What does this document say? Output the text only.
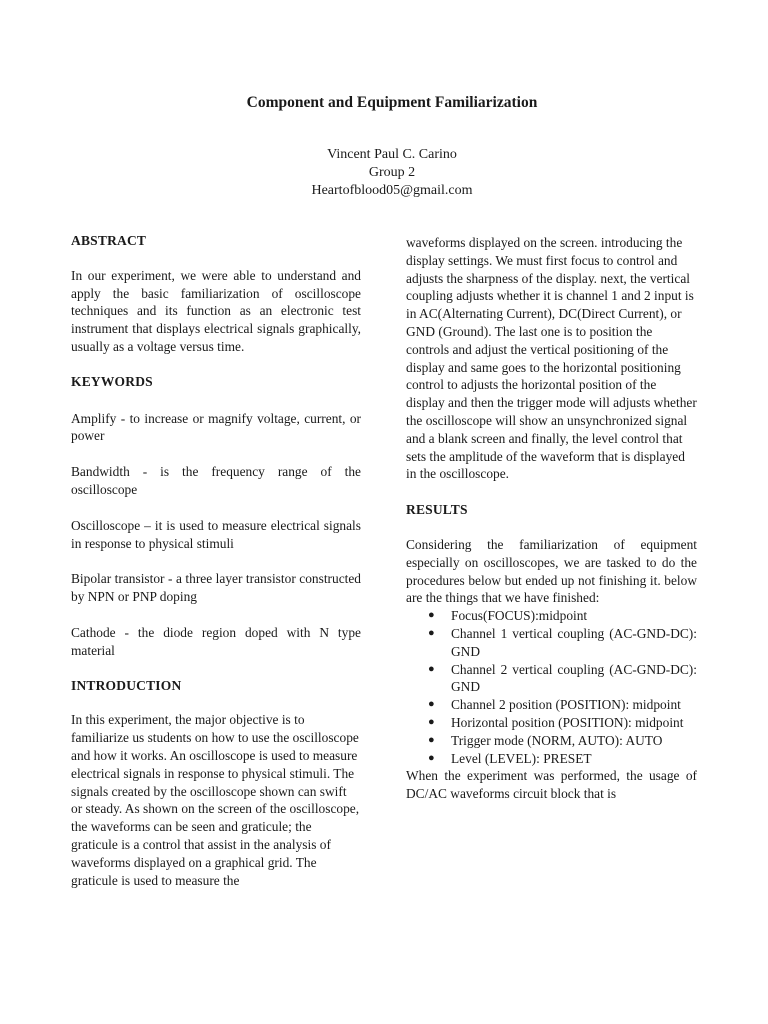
Component and Equipment Familiarization
Vincent Paul C. Carino
Group 2
Heartofblood05@gmail.com
ABSTRACT

In our experiment, we were able to understand and apply the basic familiarization of oscilloscope techniques and its function as an electronic test instrument that displays electrical signals graphically, usually as a voltage versus time.

KEYWORDS

Amplify - to increase or magnify voltage, current, or power

Bandwidth - is the frequency range of the oscilloscope

Oscilloscope – it is used to measure electrical signals in response to physical stimuli

Bipolar transistor - a three layer transistor constructed by NPN or PNP doping

Cathode - the diode region doped with N type material

INTRODUCTION

In this experiment, the major objective is to familiarize us students on how to use the oscilloscope and how it works. An oscilloscope is used to measure electrical signals in response to physical stimuli. The signals created by the oscilloscope shown can swift or steady. As shown on the screen of the oscilloscope, the waveforms can be seen and graticule; the graticule is a control that assist in the analysis of waveforms displayed on a graphical grid. The graticule is used to measure the

waveforms displayed on the screen. introducing the display settings. We must first focus to control and adjusts the sharpness of the display. next, the vertical coupling adjusts whether it is channel 1 and 2 input is in AC(Alternating Current), DC(Direct Current), or GND (Ground). The last one is to position the controls and adjust the vertical positioning of the display and same goes to the horizontal positioning control to adjusts the horizontal position of the display and then the trigger mode will adjusts whether the oscilloscope will show an unsynchronized signal and a blank screen and finally, the level control that sets the amplitude of the waveform that is displayed in the oscilloscope.

RESULTS

Considering the familiarization of equipment especially on oscilloscopes, we are tasked to do the procedures below but ended up not finishing it. below are the things that we have finished:

● Focus(FOCUS):midpoint
● Channel 1 vertical coupling (AC-GND-DC): GND
● Channel 2 vertical coupling (AC-GND-DC): GND
● Channel 2 position (POSITION): midpoint
● Horizontal position (POSITION): midpoint
● Trigger mode (NORM, AUTO): AUTO
● Level (LEVEL): PRESET

When the experiment was performed, the usage of DC/AC waveforms circuit block that is
